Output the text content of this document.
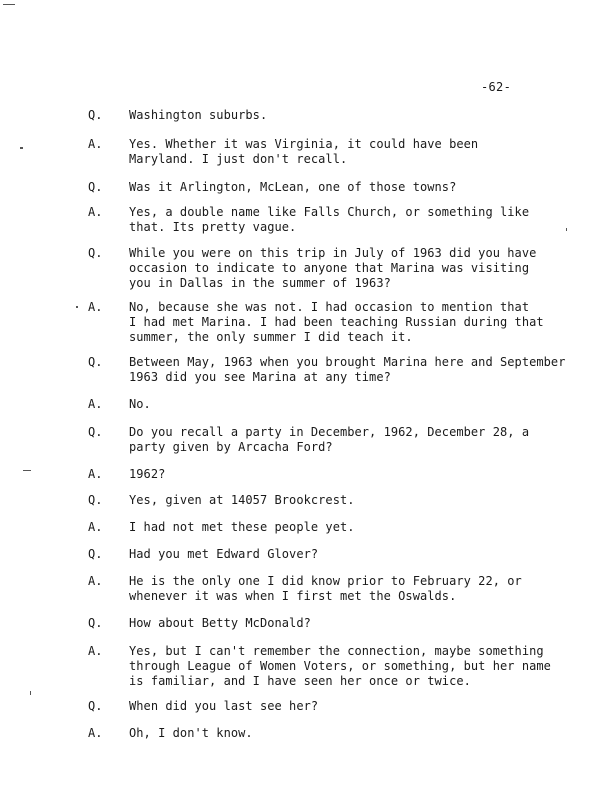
-62-
Q. Washington suburbs.
A. Yes. Whether it was Virginia, it could have been
Maryland. I just don't recall.
Q. Was it Arlington, McLean, one of those towns?
A. Yes, a double name like Falls Church, or something like
that. Its pretty vague.
Q. While you were on this trip in July of 1963 did you have
occasion to indicate to anyone that Marina was visiting
you in Dallas in the summer of 1963?
A. No, because she was not. I had occasion to mention that
I had met Marina. I had been teaching Russian during that
summer, the only summer I did teach it.
Q. Between May, 1963 when you brought Marina here and September
1963 did you see Marina at any time?
A. No.
Q. Do you recall a party in December, 1962, December 28, a
party given by Arcacha Ford?
A. 1962?
Q. Yes, given at 14057 Brookcrest.
A. I had not met these people yet.
Q. Had you met Edward Glover?
A. He is the only one I did know prior to February 22, or
whenever it was when I first met the Oswalds.
Q. How about Betty McDonald?
A. Yes, but I can't remember the connection, maybe something
through League of Women Voters, or something, but her name
is familiar, and I have seen her once or twice.
Q. When did you last see her?
A. Oh, I don't know.
